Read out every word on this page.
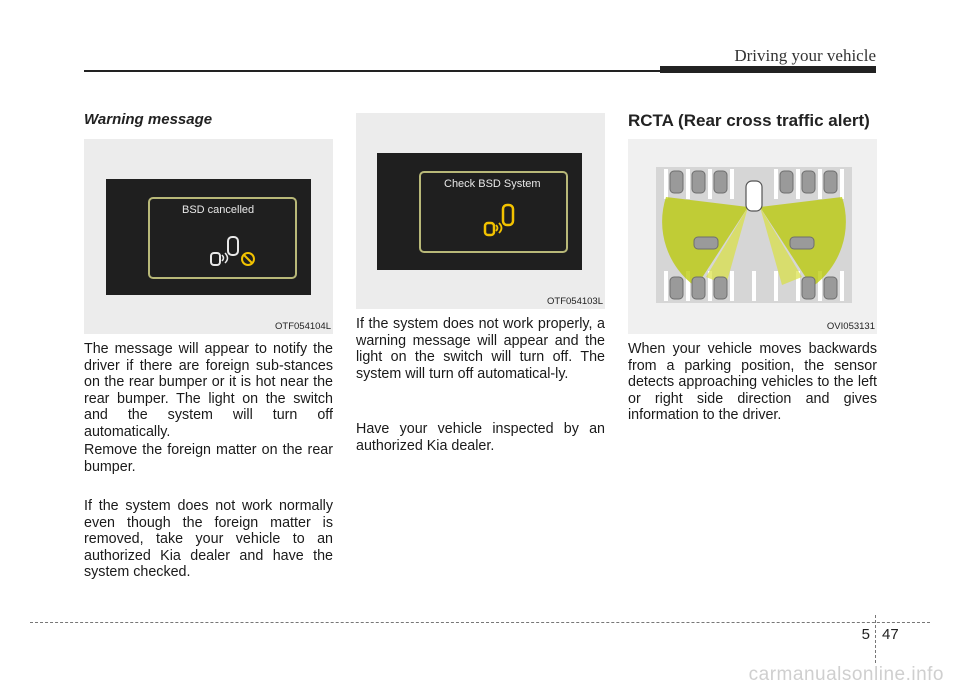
Driving your vehicle
Warning message
BSD cancelled
OTF054104L

The message will appear to notify the driver if there are foreign sub-stances on the rear bumper or it is hot near the rear bumper. The light on the switch and the system will turn off automatically.

Remove the foreign matter on the rear bumper.

If the system does not work normally even though the foreign matter is removed, take your vehicle to an authorized Kia dealer and have the system checked.

Check BSD System
OTF054103L

If the system does not work properly, a warning message will appear and the light on the switch will turn off. The system will turn off automatical-ly.

Have your vehicle inspected by an authorized Kia dealer.

RCTA (Rear cross traffic alert)
OVI053131

When your vehicle moves backwards from a parking position, the sensor detects approaching vehicles to the left or right side direction and gives information to the driver.

5 47
carmanualsonline.info
